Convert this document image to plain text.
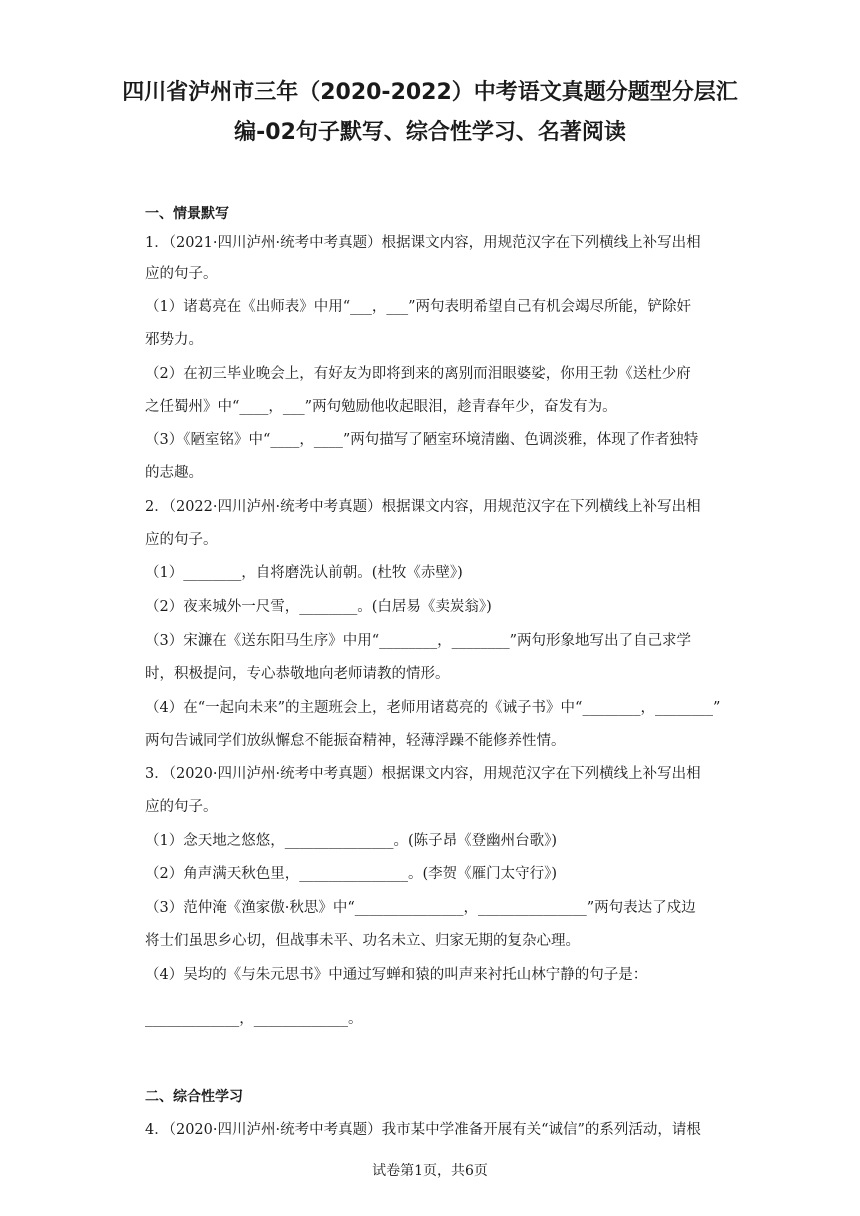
四川省泸州市三年（2020-2022）中考语文真题分题型分层汇
编-02句子默写、综合性学习、名著阅读
一、情景默写
1．（2021·四川泸州·统考中考真题）根据课文内容，用规范汉字在下列横线上补写出相
应的句子。
（1）诸葛亮在《出师表》中用“___，___”两句表明希望自己有机会竭尽所能，铲除奸
邪势力。
（2）在初三毕业晚会上，有好友为即将到来的离别而泪眼婆娑，你用王勃《送杜少府
之任蜀州》中“____，___”两句勉励他收起眼泪，趁青春年少，奋发有为。
（3）《陋室铭》中“____，____”两句描写了陋室环境清幽、色调淡雅，体现了作者独特
的志趣。
2．（2022·四川泸州·统考中考真题）根据课文内容，用规范汉字在下列横线上补写出相
应的句子。
（1）________，自将磨洗认前朝。(杜牧《赤壁》)
（2）夜来城外一尺雪，________。(白居易《卖炭翁》)
（3）宋濂在《送东阳马生序》中用“________，________”两句形象地写出了自己求学
时，积极提问，专心恭敬地向老师请教的情形。
（4）在“一起向未来”的主题班会上，老师用诸葛亮的《诫子书》中“________，________”
两句告诫同学们放纵懈怠不能振奋精神，轻薄浮躁不能修养性情。
3．（2020·四川泸州·统考中考真题）根据课文内容，用规范汉字在下列横线上补写出相
应的句子。
（1）念天地之悠悠，_______________。(陈子昂《登幽州台歌》)
（2）角声满天秋色里，_______________。(李贺《雁门太守行》)
（3）范仲淹《渔家傲·秋思》中“_______________，_______________”两句表达了戍边
将士们虽思乡心切，但战事未平、功名未立、归家无期的复杂心理。
（4）吴均的《与朱元思书》中通过写蝉和猿的叫声来衬托山林宁静的句子是：
_____________，_____________。
二、综合性学习
4．（2020·四川泸州·统考中考真题）我市某中学准备开展有关“诚信”的系列活动，请根
试卷第1页，共6页
